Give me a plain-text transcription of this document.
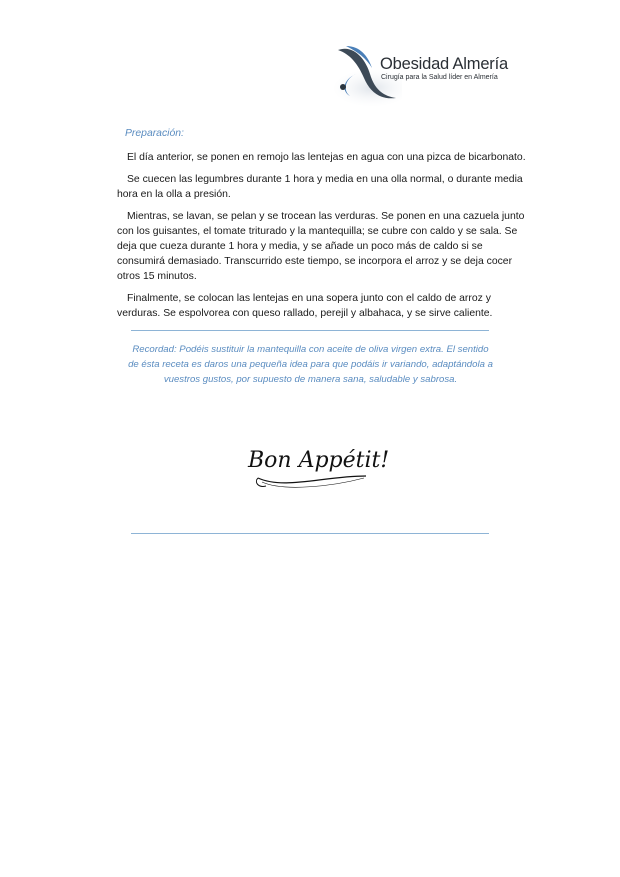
Obesidad Almería
Cirugía para la Salud líder en Almería
Preparación:

El día anterior, se ponen en remojo las lentejas en agua con una pizca de bicarbonato.

Se cuecen las legumbres durante 1 hora y media en una olla normal, o durante media hora en la olla a presión.

Mientras, se lavan, se pelan y se trocean las verduras. Se ponen en una cazuela junto con los guisantes, el tomate triturado y la mantequilla; se cubre con caldo y se sala. Se deja que cueza durante 1 hora y media, y se añade un poco más de caldo si se consumirá demasiado. Transcurrido este tiempo, se incorpora el arroz y se deja cocer otros 15 minutos.

Finalmente, se colocan las lentejas en una sopera junto con el caldo de arroz y verduras. Se espolvorea con queso rallado, perejil y albahaca, y se sirve caliente.

Recordad: Podéis sustituir la mantequilla con aceite de oliva virgen extra. El sentido de ésta receta es daros una pequeña idea para que podáis ir variando, adaptándola a vuestros gustos, por supuesto de manera sana, saludable y sabrosa.
Bon Appétit!
